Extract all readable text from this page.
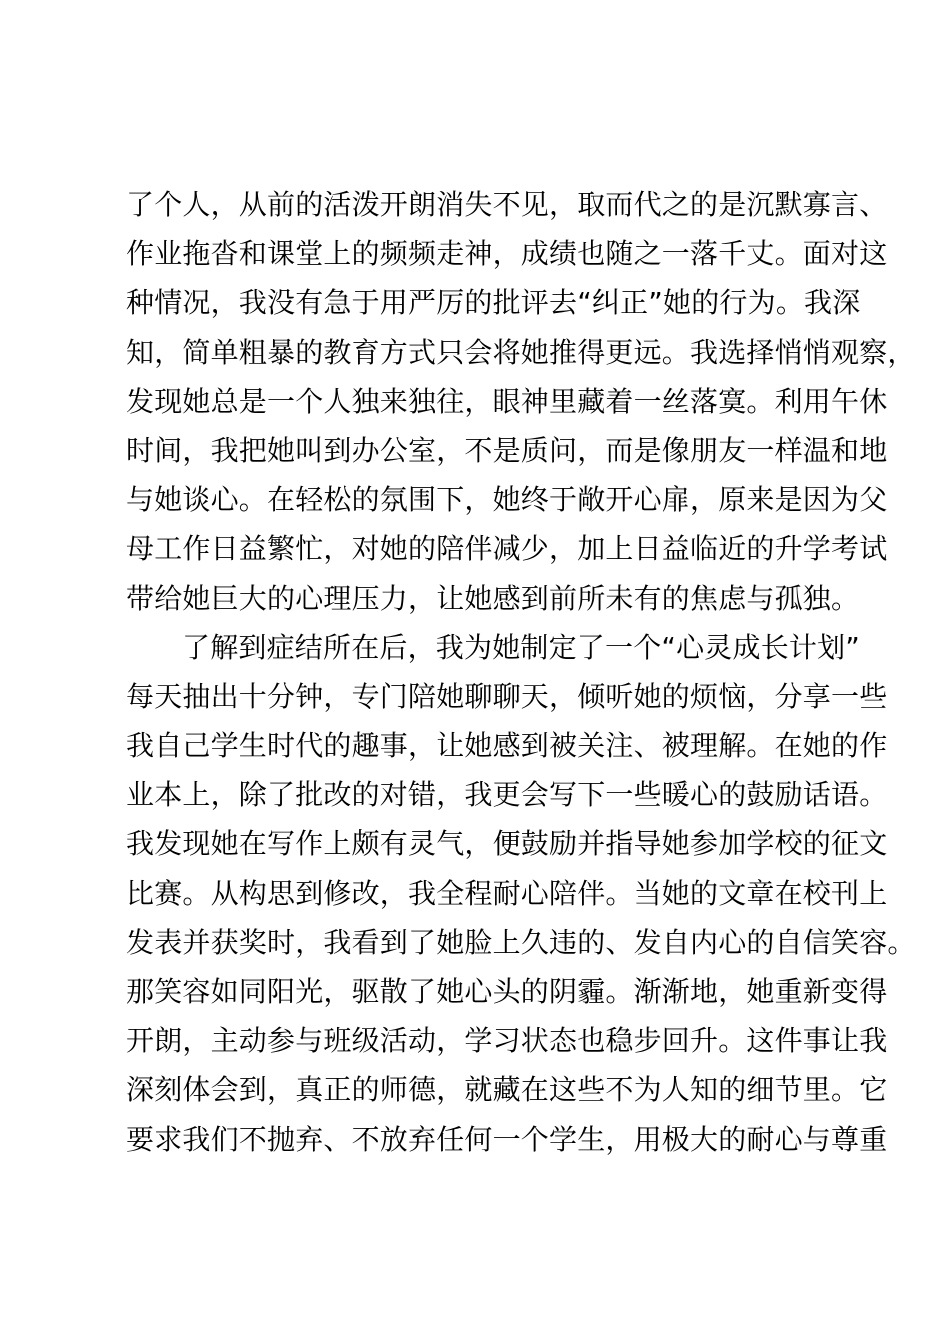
了个人，从前的活泼开朗消失不见，取而代之的是沉默寡言、
作业拖沓和课堂上的频频走神，成绩也随之一落千丈。面对这
种情况，我没有急于用严厉的批评去“纠正”她的行为。我深
知，简单粗暴的教育方式只会将她推得更远。我选择悄悄观察，
发现她总是一个人独来独往，眼神里藏着一丝落寞。利用午休
时间，我把她叫到办公室，不是质问，而是像朋友一样温和地
与她谈心。在轻松的氛围下，她终于敞开心扉，原来是因为父
母工作日益繁忙，对她的陪伴减少，加上日益临近的升学考试
带给她巨大的心理压力，让她感到前所未有的焦虑与孤独。
了解到症结所在后，我为她制定了一个“心灵成长计划”
每天抽出十分钟，专门陪她聊聊天，倾听她的烦恼，分享一些
我自己学生时代的趣事，让她感到被关注、被理解。在她的作
业本上，除了批改的对错，我更会写下一些暖心的鼓励话语。
我发现她在写作上颇有灵气，便鼓励并指导她参加学校的征文
比赛。从构思到修改，我全程耐心陪伴。当她的文章在校刊上
发表并获奖时，我看到了她脸上久违的、发自内心的自信笑容。
那笑容如同阳光，驱散了她心头的阴霾。渐渐地，她重新变得
开朗，主动参与班级活动，学习状态也稳步回升。这件事让我
深刻体会到，真正的师德，就藏在这些不为人知的细节里。它
要求我们不抛弃、不放弃任何一个学生，用极大的耐心与尊重
